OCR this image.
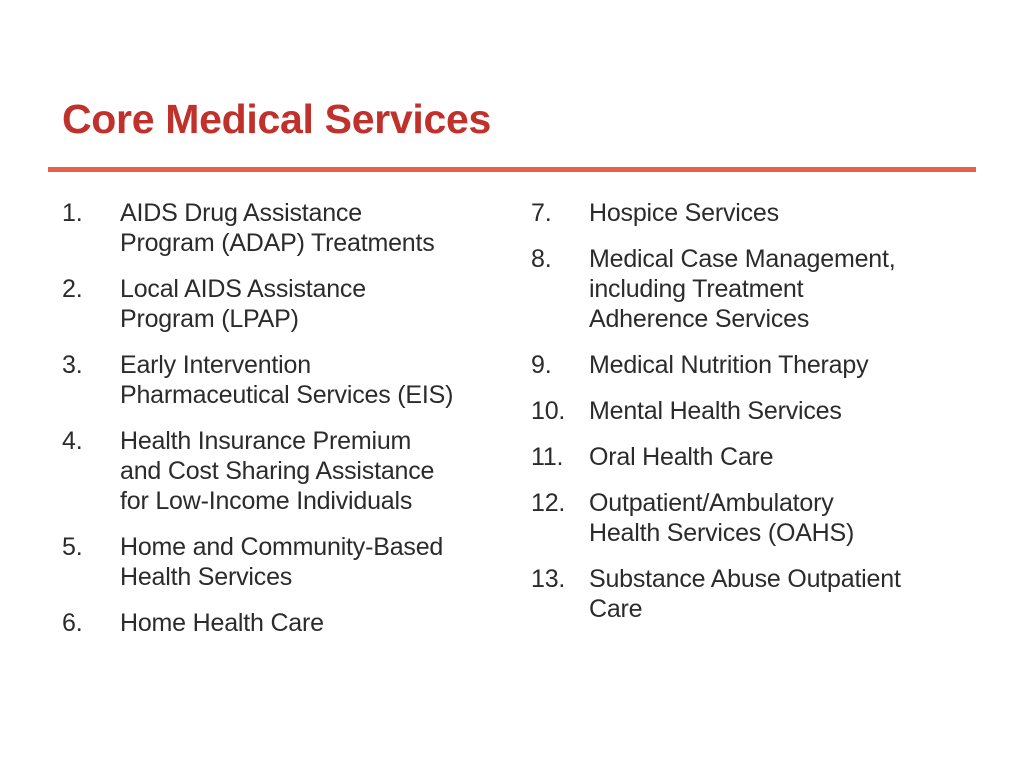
Core Medical Services
1.	AIDS Drug Assistance
Program (ADAP) Treatments
2.	Local AIDS Assistance
Program (LPAP)
3.	Early Intervention
Pharmaceutical Services (EIS)
4.	Health Insurance Premium
and Cost Sharing Assistance
for Low-Income Individuals
5.	Home and Community-Based
Health Services
6.	Home Health Care
7.	Hospice Services
8.	Medical Case Management,
including Treatment
Adherence Services
9.	Medical Nutrition Therapy
10. Mental Health Services
11.	Oral Health Care
12. Outpatient/Ambulatory
Health Services (OAHS)
13. Substance Abuse Outpatient
Care
